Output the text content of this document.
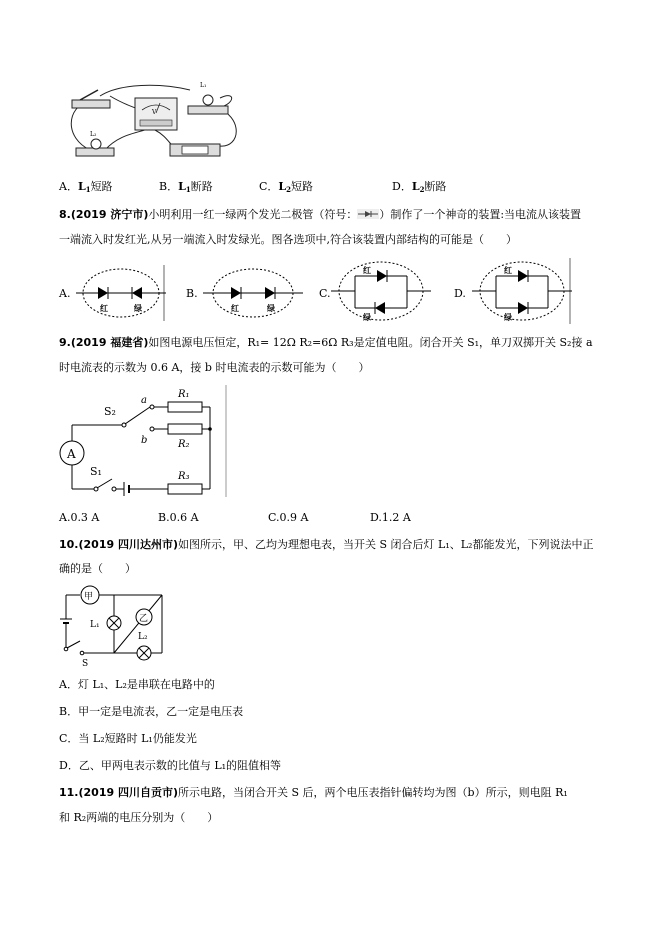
V
L₁
L₂
A．$L_1$短路	B．$L_1$断路	C．$L_2$短路	D．$L_2$断路
8.(2019 济宁市)小明利用一红一绿两个发光二极管（符号： ）制作了一个神奇的装置:当电流从该装置
一端流入时发红光,从另一端流入时发绿光。图各选项中,符合该装置内部结构的可能是（　　）
A.
红	绿
B.
红	绿
C.
红
绿
D.
红
绿
9.(2019 福建省)如图电源电压恒定，R₁= 12Ω R₂=6Ω R₃是定值电阻。闭合开关 S₁，单刀双掷开关 S₂接 a
时电流表的示数为 0.6 A，接 b 时电流表的示数可能为（　　）
A
S₂
a
b
R₁
R₂
S₁	R₃
A.0.3 A	B.0.6 A	C.0.9 A	D.1.2 A
10.(2019 四川达州市)如图所示，甲、乙均为理想电表，当开关 S 闭合后灯 L₁、L₂都能发光，下列说法中正
确的是（　　）
甲
S
L₁
乙
L₂
A．灯 L₁、L₂是串联在电路中的
B．甲一定是电流表，乙一定是电压表
C．当 L₂短路时 L₁仍能发光
D．乙、甲两电表示数的比值与 L₁的阻值相等
11.(2019 四川自贡市)所示电路，当闭合开关 S 后，两个电压表指针偏转均为图（b）所示，则电阻 R₁
和 R₂两端的电压分别为（　　）
